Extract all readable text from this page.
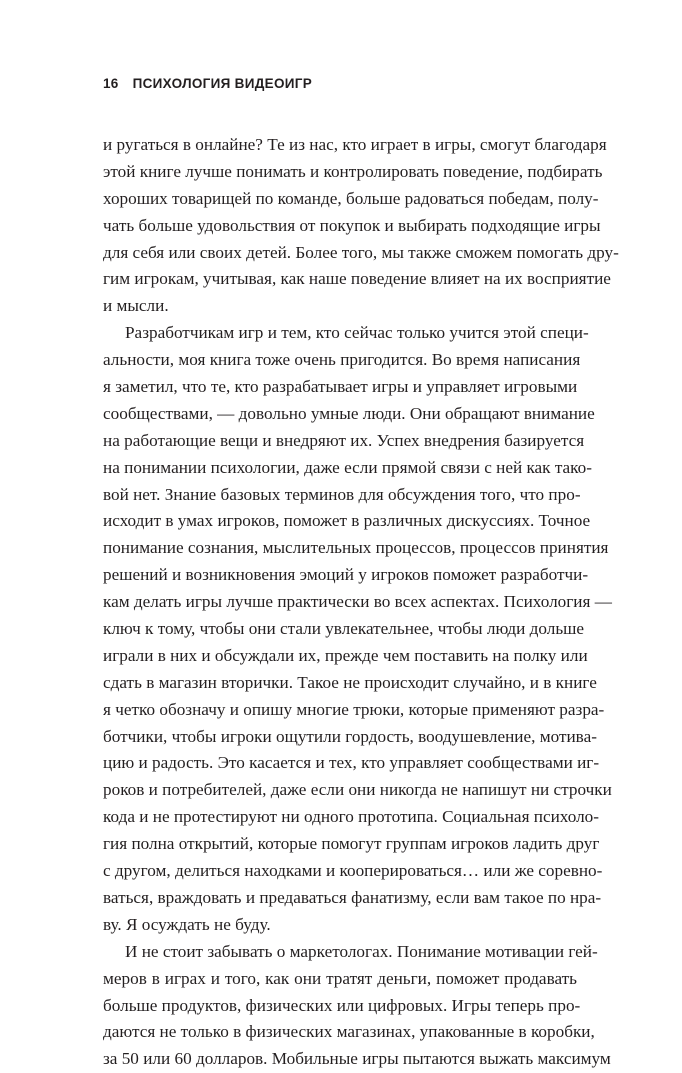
16 ПСИХОЛОГИЯ ВИДЕОИГР
и ругаться в онлайне? Те из нас, кто играет в игры, смогут благодаря
этой книге лучше понимать и контролировать поведение, подбирать
хороших товарищей по команде, больше радоваться победам, полу-
чать больше удовольствия от покупок и выбирать подходящие игры
для себя или своих детей. Более того, мы также сможем помогать дру-
гим игрокам, учитывая, как наше поведение влияет на их восприятие
и мысли.
Разработчикам игр и тем, кто сейчас только учится этой специ-
альности, моя книга тоже очень пригодится. Во время написания
я заметил, что те, кто разрабатывает игры и управляет игровыми
сообществами, — довольно умные люди. Они обращают внимание
на работающие вещи и внедряют их. Успех внедрения базируется
на понимании психологии, даже если прямой связи с ней как тако-
вой нет. Знание базовых терминов для обсуждения того, что про-
исходит в умах игроков, поможет в различных дискуссиях. Точное
понимание сознания, мыслительных процессов, процессов принятия
решений и возникновения эмоций у игроков поможет разработчи-
кам делать игры лучше практически во всех аспектах. Психология —
ключ к тому, чтобы они стали увлекательнее, чтобы люди дольше
играли в них и обсуждали их, прежде чем поставить на полку или
сдать в магазин вторички. Такое не происходит случайно, и в книге
я четко обозначу и опишу многие трюки, которые применяют разра-
ботчики, чтобы игроки ощутили гордость, воодушевление, мотива-
цию и радость. Это касается и тех, кто управляет сообществами иг-
роков и потребителей, даже если они никогда не напишут ни строчки
кода и не протестируют ни одного прототипа. Социальная психоло-
гия полна открытий, которые помогут группам игроков ладить друг
с другом, делиться находками и кооперироваться… или же соревно-
ваться, враждовать и предаваться фанатизму, если вам такое по нра-
ву. Я осуждать не буду.
И не стоит забывать о маркетологах. Понимание мотивации гей-
меров в играх и того, как они тратят деньги, поможет продавать
больше продуктов, физических или цифровых. Игры теперь про-
даются не только в физических магазинах, упакованные в коробки,
за 50 или 60 долларов. Мобильные игры пытаются выжать максимум
